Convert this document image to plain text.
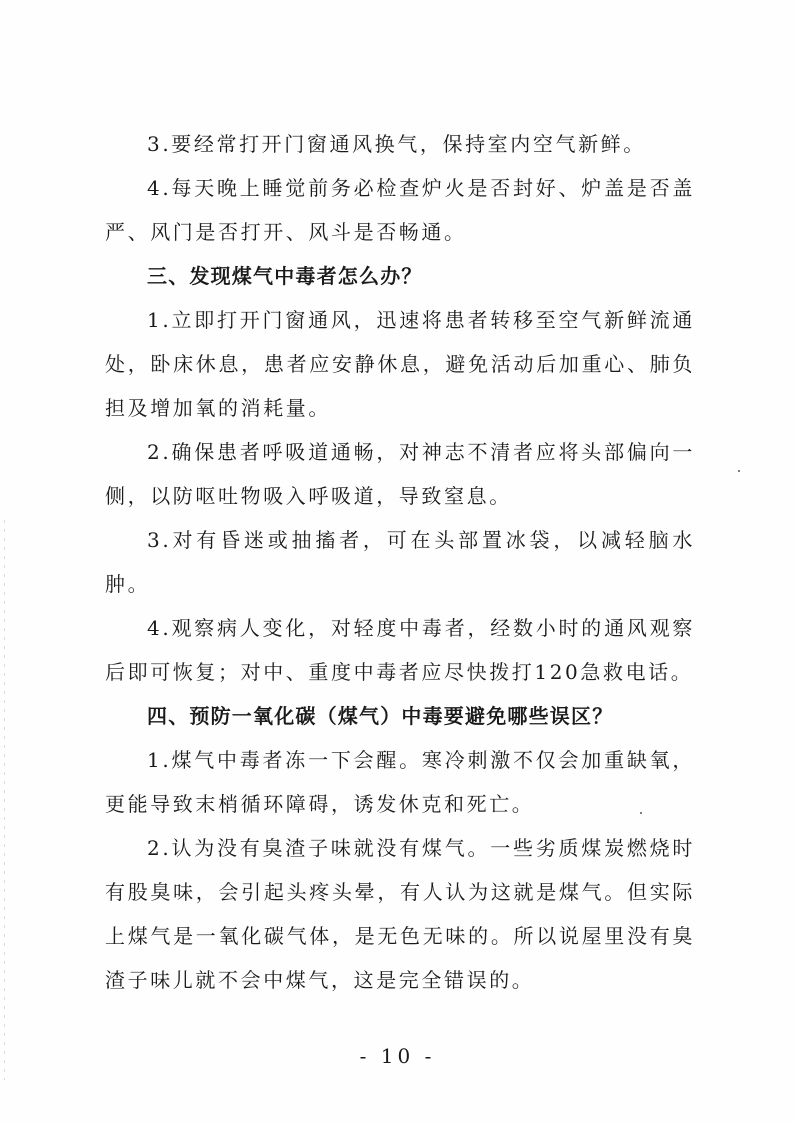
3.要经常打开门窗通风换气，保持室内空气新鲜。

4.每天晚上睡觉前务必检查炉火是否封好、炉盖是否盖严、风门是否打开、风斗是否畅通。

三、发现煤气中毒者怎么办？

1.立即打开门窗通风，迅速将患者转移至空气新鲜流通处，卧床休息，患者应安静休息，避免活动后加重心、肺负担及增加氧的消耗量。

2.确保患者呼吸道通畅，对神志不清者应将头部偏向一侧，以防呕吐物吸入呼吸道，导致窒息。

3.对有昏迷或抽搐者，可在头部置冰袋，以减轻脑水肿。

4.观察病人变化，对轻度中毒者，经数小时的通风观察后即可恢复；对中、重度中毒者应尽快拨打120急救电话。

四、预防一氧化碳（煤气）中毒要避免哪些误区？

1.煤气中毒者冻一下会醒。寒冷刺激不仅会加重缺氧，更能导致末梢循环障碍，诱发休克和死亡。

2.认为没有臭渣子味就没有煤气。一些劣质煤炭燃烧时有股臭味，会引起头疼头晕，有人认为这就是煤气。但实际上煤气是一氧化碳气体，是无色无味的。所以说屋里没有臭渣子味儿就不会中煤气，这是完全错误的。

- 10 -
